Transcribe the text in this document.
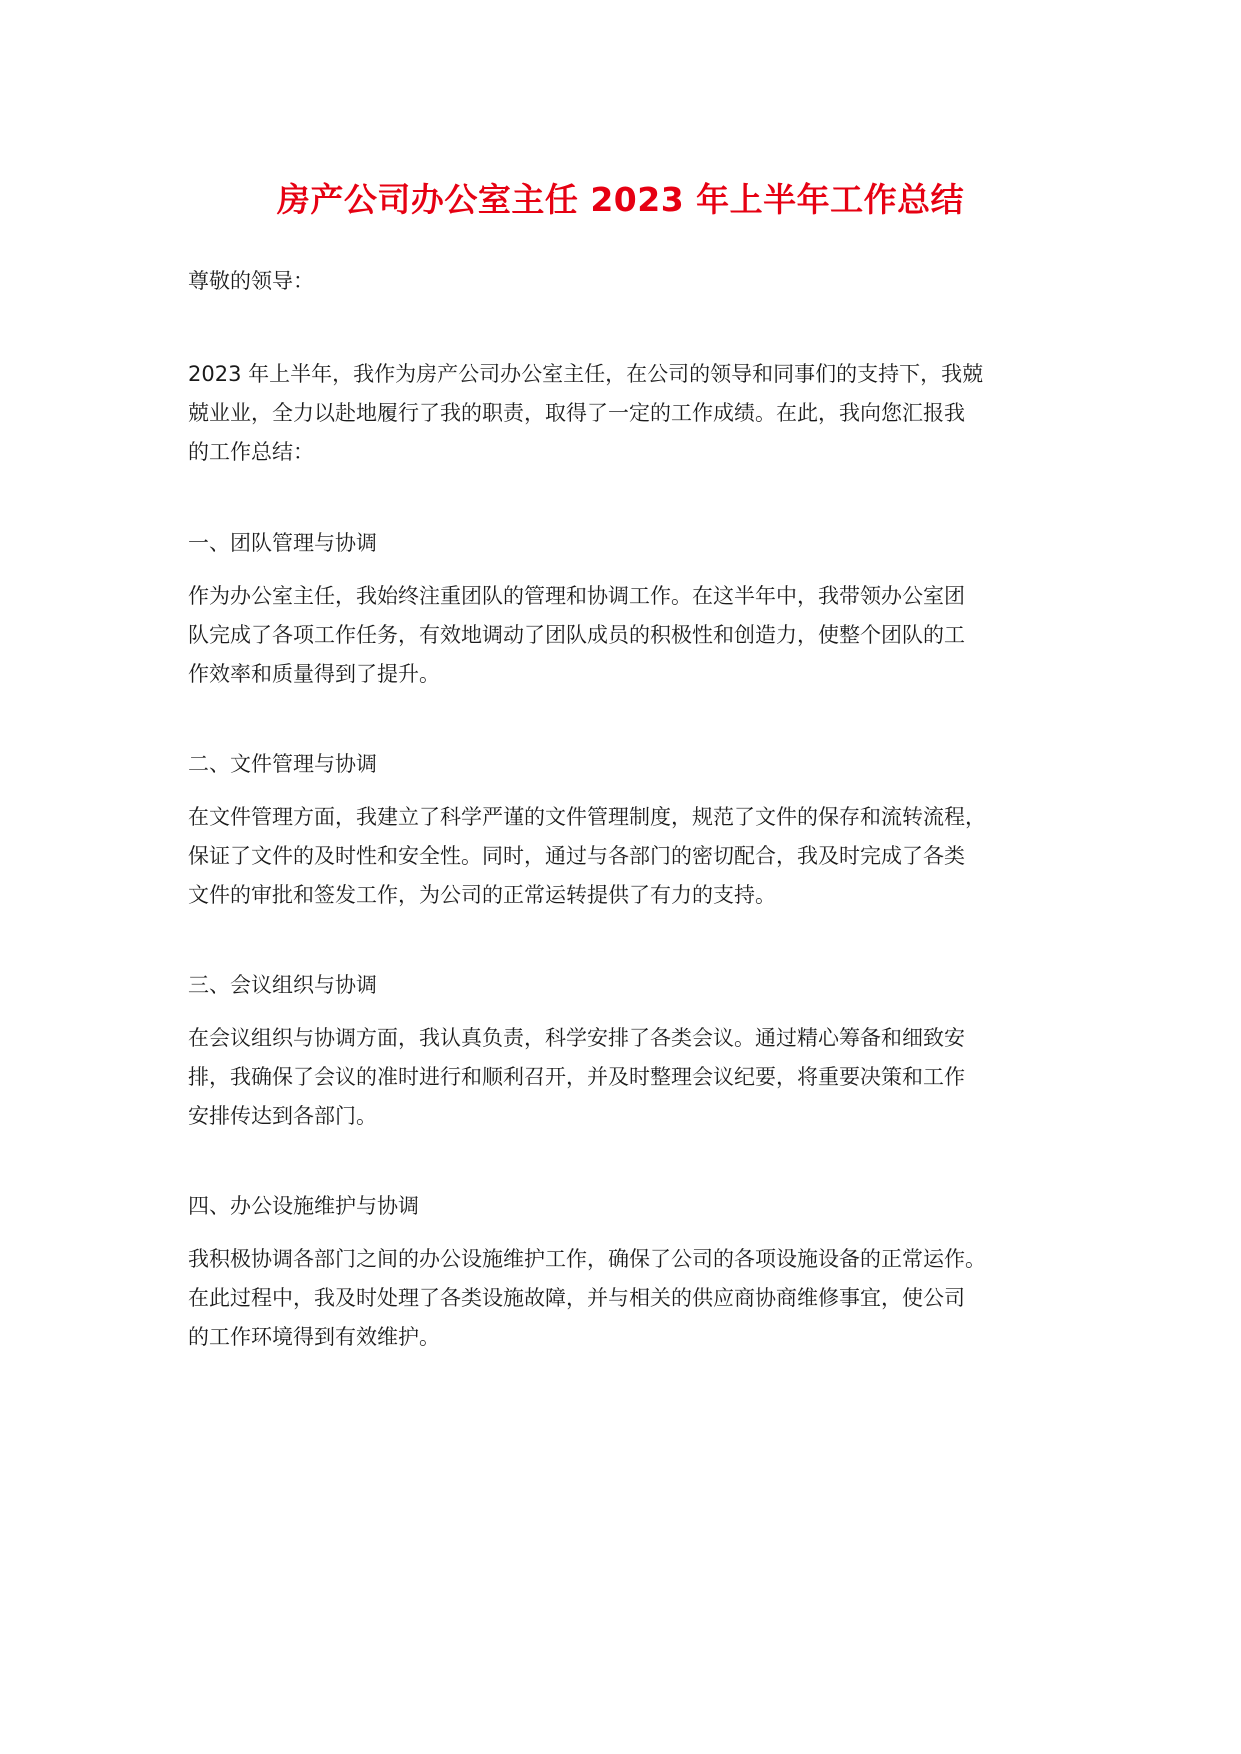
房产公司办公室主任 2023 年上半年工作总结
尊敬的领导：
2023 年上半年，我作为房产公司办公室主任，在公司的领导和同事们的支持下，我兢
兢业业，全力以赴地履行了我的职责，取得了一定的工作成绩。在此，我向您汇报我
的工作总结：
一、团队管理与协调
作为办公室主任，我始终注重团队的管理和协调工作。在这半年中，我带领办公室团
队完成了各项工作任务，有效地调动了团队成员的积极性和创造力，使整个团队的工
作效率和质量得到了提升。
二、文件管理与协调
在文件管理方面，我建立了科学严谨的文件管理制度，规范了文件的保存和流转流程，
保证了文件的及时性和安全性。同时，通过与各部门的密切配合，我及时完成了各类
文件的审批和签发工作，为公司的正常运转提供了有力的支持。
三、会议组织与协调
在会议组织与协调方面，我认真负责，科学安排了各类会议。通过精心筹备和细致安
排，我确保了会议的准时进行和顺利召开，并及时整理会议纪要，将重要决策和工作
安排传达到各部门。
四、办公设施维护与协调
我积极协调各部门之间的办公设施维护工作，确保了公司的各项设施设备的正常运作。
在此过程中，我及时处理了各类设施故障，并与相关的供应商协商维修事宜，使公司
的工作环境得到有效维护。
